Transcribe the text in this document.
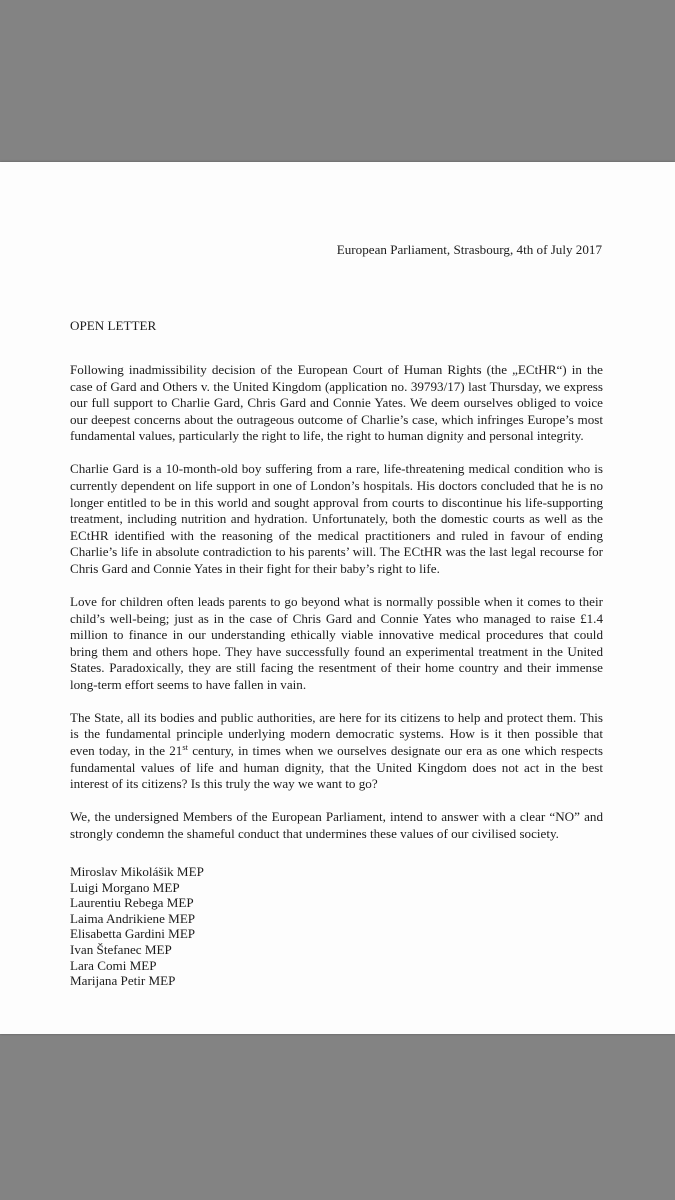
European Parliament, Strasbourg, 4th of July 2017
OPEN LETTER

Following inadmissibility decision of the European Court of Human Rights (the „ECtHR“) in the case of Gard and Others v. the United Kingdom (application no. 39793/17) last Thursday, we express our full support to Charlie Gard, Chris Gard and Connie Yates. We deem ourselves obliged to voice our deepest concerns about the outrageous outcome of Charlie’s case, which infringes Europe’s most fundamental values, particularly the right to life, the right to human dignity and personal integrity.

Charlie Gard is a 10-month-old boy suffering from a rare, life-threatening medical condition who is currently dependent on life support in one of London’s hospitals. His doctors concluded that he is no longer entitled to be in this world and sought approval from courts to discontinue his life-supporting treatment, including nutrition and hydration. Unfortunately, both the domestic courts as well as the ECtHR identified with the reasoning of the medical practitioners and ruled in favour of ending Charlie’s life in absolute contradiction to his parents’ will. The ECtHR was the last legal recourse for Chris Gard and Connie Yates in their fight for their baby’s right to life.

Love for children often leads parents to go beyond what is normally possible when it comes to their child’s well-being; just as in the case of Chris Gard and Connie Yates who managed to raise £1.4 million to finance in our understanding ethically viable innovative medical procedures that could bring them and others hope. They have successfully found an experimental treatment in the United States. Paradoxically, they are still facing the resentment of their home country and their immense long-term effort seems to have fallen in vain.

The State, all its bodies and public authorities, are here for its citizens to help and protect them. This is the fundamental principle underlying modern democratic systems. How is it then possible that even today, in the 21st century, in times when we ourselves designate our era as one which respects fundamental values of life and human dignity, that the United Kingdom does not act in the best interest of its citizens? Is this truly the way we want to go?

We, the undersigned Members of the European Parliament, intend to answer with a clear “NO” and strongly condemn the shameful conduct that undermines these values of our civilised society.

Miroslav Mikolášik MEP
Luigi Morgano MEP
Laurentiu Rebega MEP
Laima Andrikiene MEP
Elisabetta Gardini MEP
Ivan Štefanec MEP
Lara Comi MEP
Marijana Petir MEP
